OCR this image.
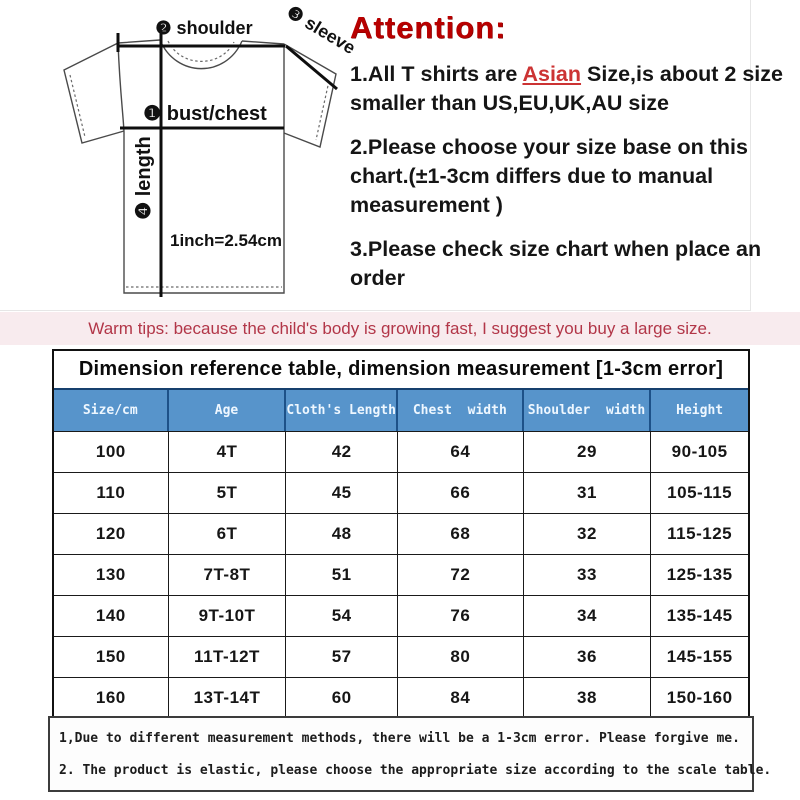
❷ shoulder ❸ sleeve
❶ bust/chest
❹ length
1inch=2.54cm
Attention:

1.All T shirts are Asian Size,is about 2 size smaller than US,EU,UK,AU size

2.Please choose your size base on this chart.(±1-3cm differs due to manual measurement )

3.Please check size chart when place an order

Warm tips: because the child's body is growing fast, I suggest you buy a large size.
Dimension reference table, dimension measurement [1-3cm error]
Size/cm	Age	Cloth's Length	Chest  width	Shoulder  width	Height
100	4T	42	64	29	90-105
110	5T	45	66	31	105-115
120	6T	48	68	32	115-125
130	7T-8T	51	72	33	125-135
140	9T-10T	54	76	34	135-145
150	11T-12T	57	80	36	145-155
160	13T-14T	60	84	38	150-160
1,Due to different measurement methods, there will be a 1-3cm error. Please forgive me.
2. The product is elastic, please choose the appropriate size according to the scale table.
